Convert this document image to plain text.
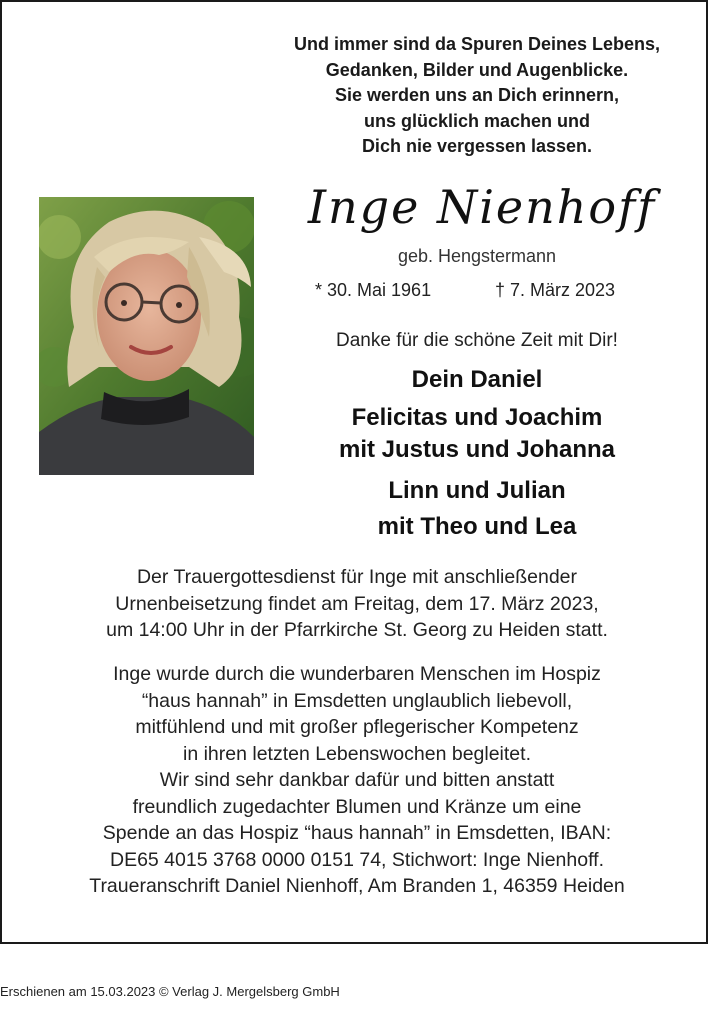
Und immer sind da Spuren Deines Lebens,
Gedanken, Bilder und Augenblicke.
Sie werden uns an Dich erinnern,
uns glücklich machen und
Dich nie vergessen lassen.
Inge Nienhoff
geb. Hengstermann
* 30. Mai 1961	† 7. März 2023
Danke für die schöne Zeit mit Dir!
Dein Daniel
Felicitas und Joachim
mit Justus und Johanna
Linn und Julian
mit Theo und Lea
Der Trauergottesdienst für Inge mit anschließender
Urnenbeisetzung findet am Freitag, dem 17. März 2023,
um 14:00 Uhr in der Pfarrkirche St. Georg zu Heiden statt.
Inge wurde durch die wunderbaren Menschen im Hospiz
“haus hannah” in Emsdetten unglaublich liebevoll,
mitfühlend und mit großer pflegerischer Kompetenz
in ihren letzten Lebenswochen begleitet.
Wir sind sehr dankbar dafür und bitten anstatt
freundlich zugedachter Blumen und Kränze um eine
Spende an das Hospiz “haus hannah” in Emsdetten, IBAN:
DE65 4015 3768 0000 0151 74, Stichwort: Inge Nienhoff.
Traueranschrift Daniel Nienhoff, Am Branden 1, 46359 Heiden
Erschienen am 15.03.2023 © Verlag J. Mergelsberg GmbH
